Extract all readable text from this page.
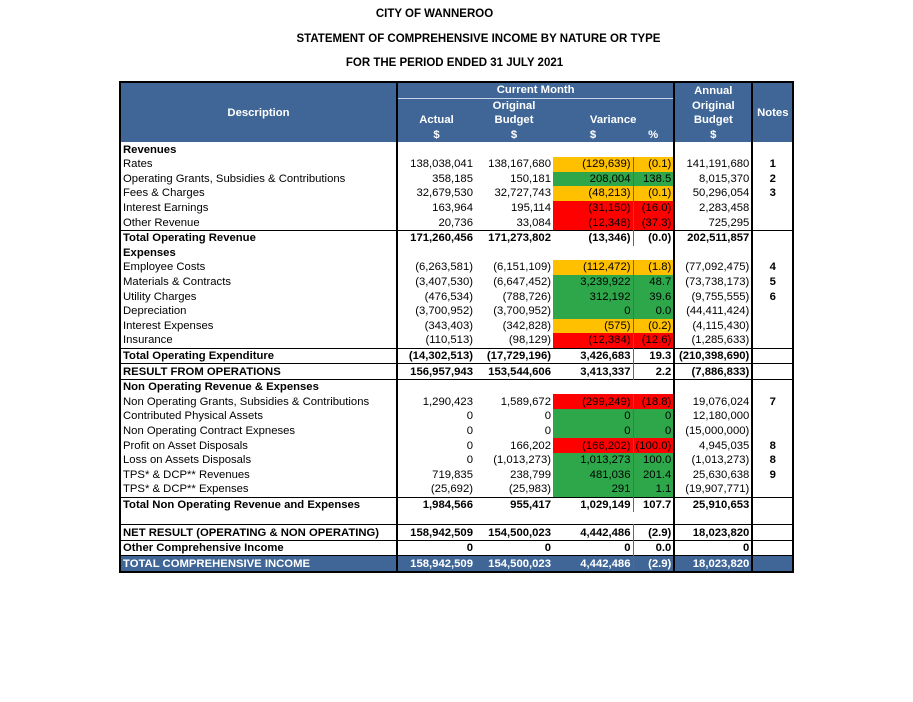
CITY OF WANNEROO
STATEMENT OF COMPREHENSIVE INCOME BY NATURE OR TYPE
FOR THE PERIOD ENDED 31 JULY 2021
Description	Current Month				Annual	
		Original			Original	Notes
	Actual	Budget	Variance		Budget	
	$	$	$	%	$	
Revenues						
Rates	138,038,041	138,167,680	(129,639)	(0.1)	141,191,680	1
Operating Grants, Subsidies & Contributions	358,185	150,181	208,004	138.5	8,015,370	2
Fees & Charges	32,679,530	32,727,743	(48,213)	(0.1)	50,296,054	3
Interest Earnings	163,964	195,114	(31,150)	(16.0)	2,283,458	
Other Revenue	20,736	33,084	(12,348)	(37.3)	725,295	
Total Operating Revenue	171,260,456	171,273,802	(13,346)	(0.0)	202,511,857	
Expenses						
Employee Costs	(6,263,581)	(6,151,109)	(112,472)	(1.8)	(77,092,475)	4
Materials & Contracts	(3,407,530)	(6,647,452)	3,239,922	48.7	(73,738,173)	5
Utility Charges	(476,534)	(788,726)	312,192	39.6	(9,755,555)	6
Depreciation	(3,700,952)	(3,700,952)	0	0.0	(44,411,424)	
Interest Expenses	(343,403)	(342,828)	(575)	(0.2)	(4,115,430)	
Insurance	(110,513)	(98,129)	(12,384)	(12.6)	(1,285,633)	
Total Operating Expenditure	(14,302,513)	(17,729,196)	3,426,683	19.3	(210,398,690)	
RESULT FROM OPERATIONS	156,957,943	153,544,606	3,413,337	2.2	(7,886,833)	
Non Operating Revenue & Expenses						
Non Operating Grants, Subsidies & Contributions	1,290,423	1,589,672	(299,249)	(18.8)	19,076,024	7
Contributed Physical Assets	0	0	0	0	12,180,000	
Non Operating Contract Expneses	0	0	0	0	(15,000,000)	
Profit on Asset Disposals	0	166,202	(166,202)	(100.0)	4,945,035	8
Loss on Assets Disposals	0	(1,013,273)	1,013,273	100.0	(1,013,273)	8
TPS* & DCP** Revenues	719,835	238,799	481,036	201.4	25,630,638	9
TPS* & DCP** Expenses	(25,692)	(25,983)	291	1.1	(19,907,771)	
Total Non Operating Revenue and Expenses	1,984,566	955,417	1,029,149	107.7	25,910,653	

NET RESULT (OPERATING & NON OPERATING)	158,942,509	154,500,023	4,442,486	(2.9)	18,023,820	
Other Comprehensive Income	0	0	0	0.0	0	
TOTAL COMPREHENSIVE INCOME	158,942,509	154,500,023	4,442,486	(2.9)	18,023,820	
